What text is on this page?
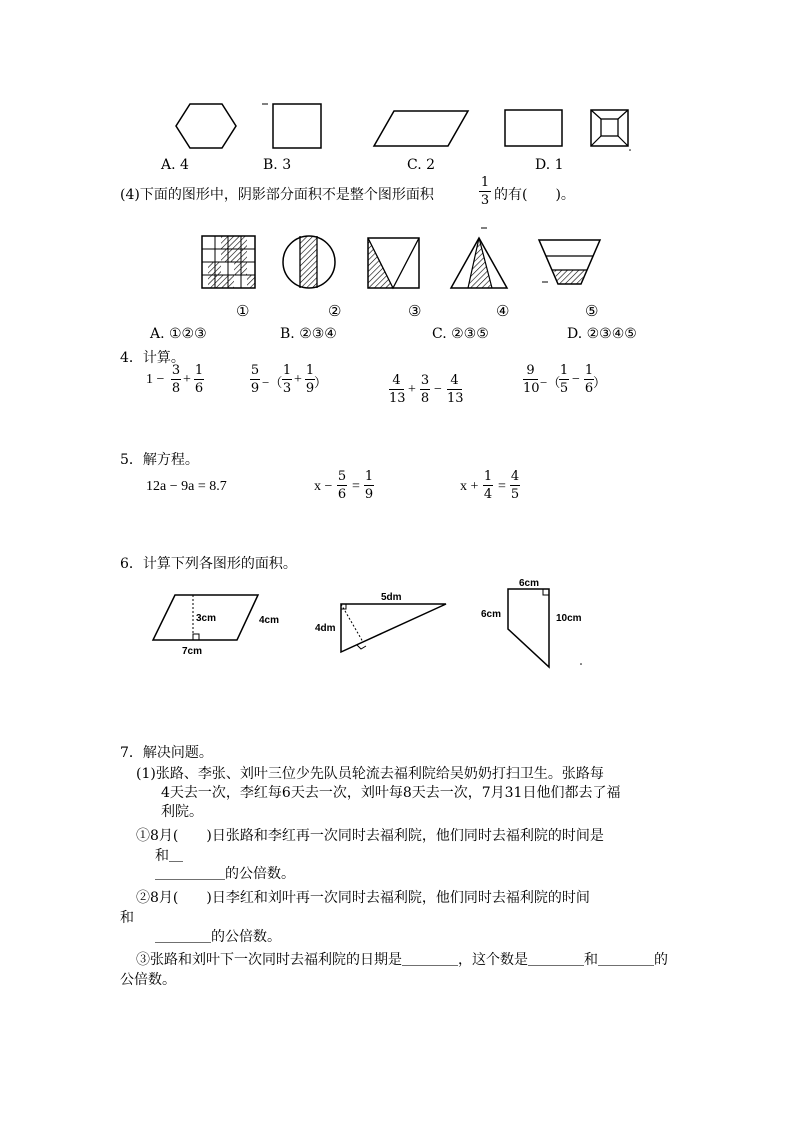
A. 4	B. 3	C. 2	D. 1
(4)下面的图形中，阴影部分面积不是整个图形面积
1
3 的有(　　)。
①	②	③	④	⑤
A. ①②③	B. ②③④	C. ②③⑤	D. ②③④⑤
4．计算。
1 −
3
8
+
1
6
5
9 −（
1
3
+
1
9 ）	4
13
+
3
8
−
4
13
9
10 −（
1
5
−
1
6 ）
5．解方程。
12a − 9a = 8.7	x −
5
6
=
1
9
x +
1
4
=
4
5
6．计算下列各图形的面积。
3cm	4cm
7cm
5dm
4dm
6cm
6cm	10cm
7．解决问题。
(1)张路、李张、刘叶三位少先队员轮流去福利院给吴奶奶打扫卫生。张路每
4天去一次，李红每6天去一次，刘叶每8天去一次，7月31日他们都去了福
利院。
①8月(　　)日张路和李红再一次同时去福利院，他们同时去福利院的时间是
和＿
＿＿＿＿＿的公倍数。
②8月(　　)日李红和刘叶再一次同时去福利院，他们同时去福利院的时间
和
＿＿＿＿的公倍数。
③张路和刘叶下一次同时去福利院的日期是＿＿＿＿，这个数是＿＿＿＿和＿＿＿＿的
公倍数。
